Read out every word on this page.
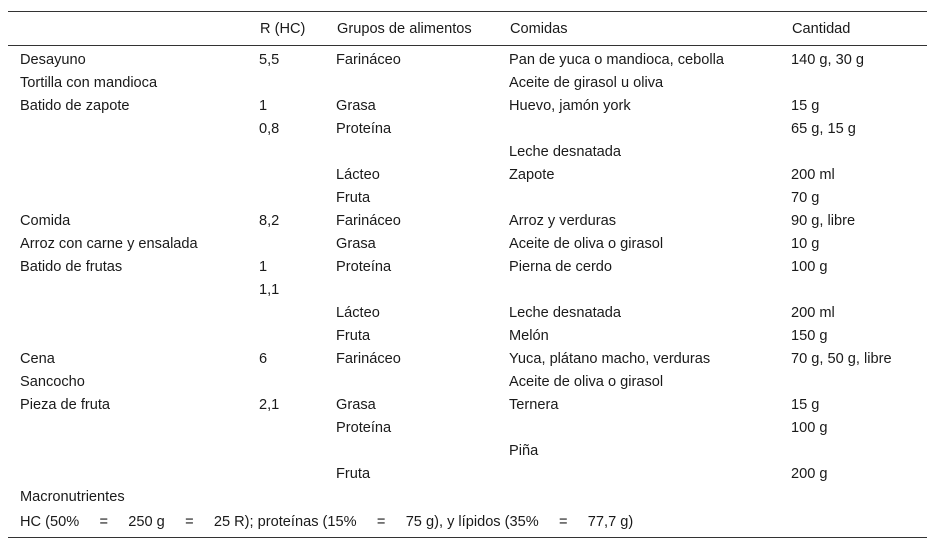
	R (HC)	Grupos de alimentos	Comidas	Cantidad
Desayuno	5,5	Farináceo	Pan de yuca o mandioca, cebolla	140 g, 30 g
Tortilla con mandioca			Aceite de girasol u oliva	
Batido de zapote	1	Grasa	Huevo, jamón york	15 g
	0,8	Proteína		65 g, 15 g
			Leche desnatada	
		Lácteo	Zapote	200 ml
		Fruta		70 g
Comida	8,2	Farináceo	Arroz y verduras	90 g, libre
Arroz con carne y ensalada		Grasa	Aceite de oliva o girasol	10 g
Batido de frutas	1	Proteína	Pierna de cerdo	100 g
	1,1			
		Lácteo	Leche desnatada	200 ml
		Fruta	Melón	150 g
Cena	6	Farináceo	Yuca, plátano macho, verduras	70 g, 50 g, libre
Sancocho			Aceite de oliva o girasol	
Pieza de fruta	2,1	Grasa	Ternera	15 g
		Proteína		100 g
			Piña	
		Fruta		200 g
Macronutrientes				
HC (50%     =     250 g     =     25 R); proteínas (15%     =     75 g), y lípidos (35%     =     77,7 g)				
